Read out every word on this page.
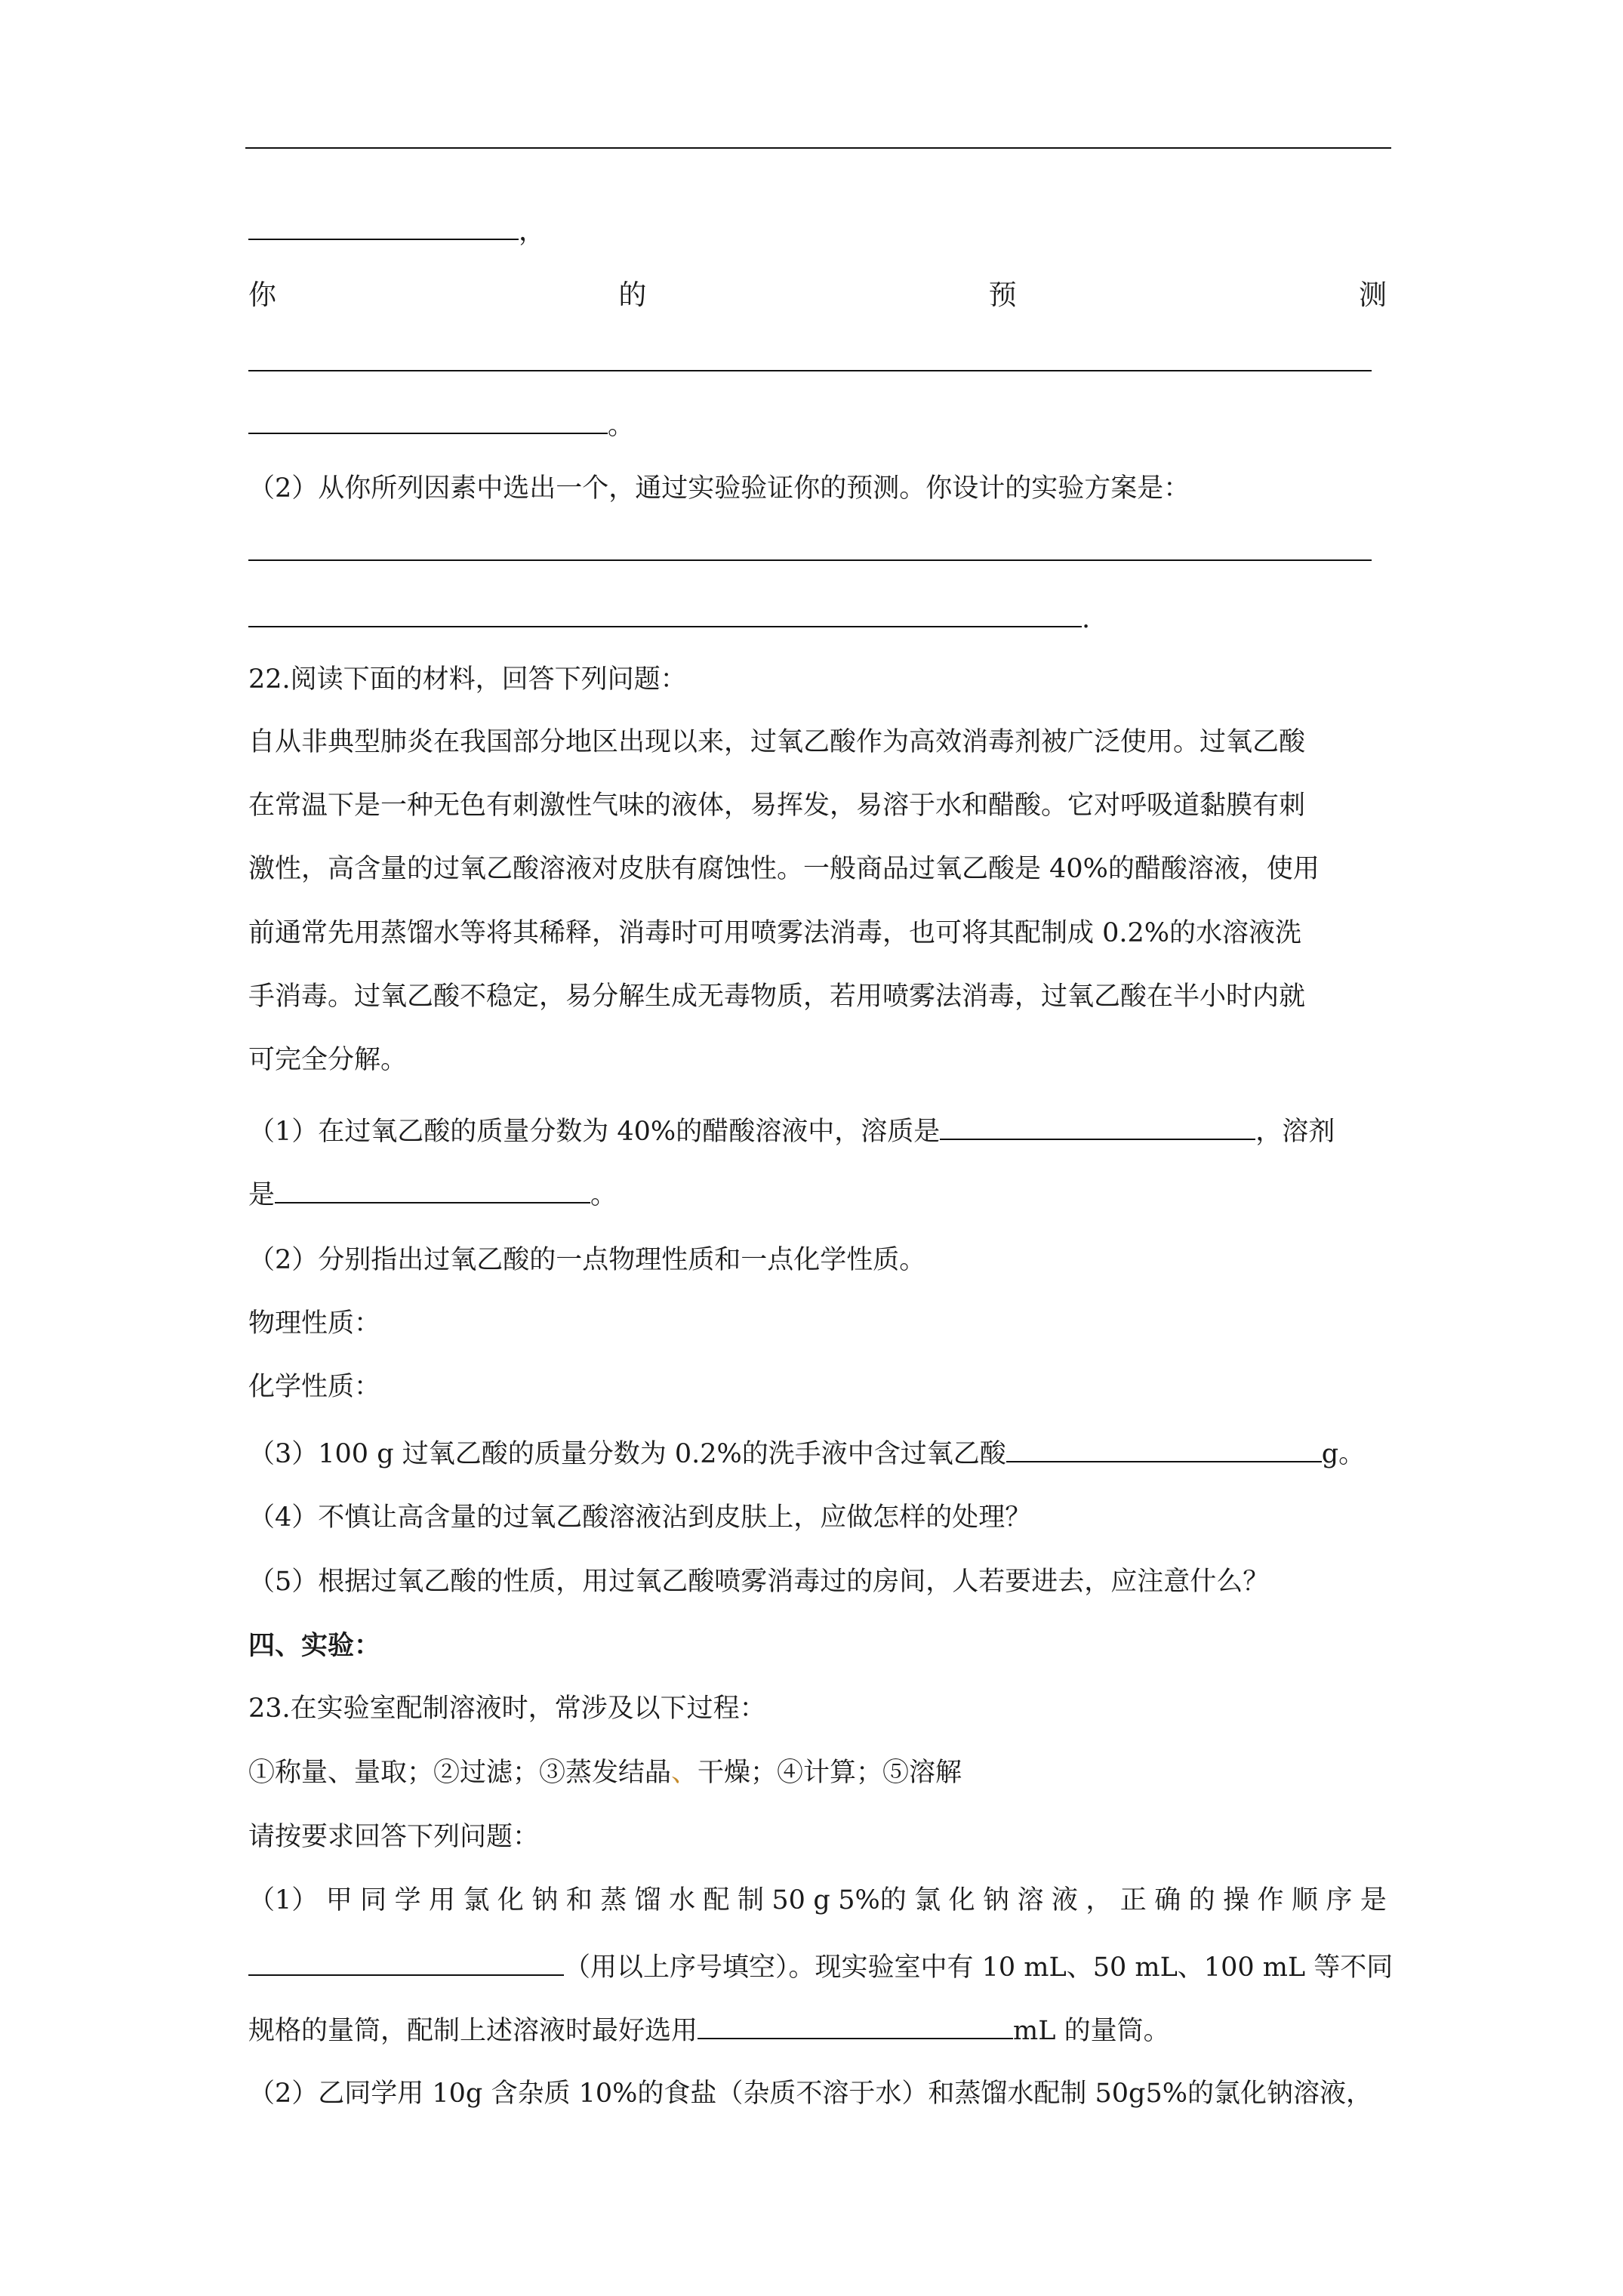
，
你	的	预	测
。
（2）从你所列因素中选出一个，通过实验验证你的预测。你设计的实验方案是：
.
22.阅读下面的材料，回答下列问题：
自从非典型肺炎在我国部分地区出现以来，过氧乙酸作为高效消毒剂被广泛使用。过氧乙酸
在常温下是一种无色有刺激性气味的液体，易挥发，易溶于水和醋酸。它对呼吸道黏膜有刺
激性，高含量的过氧乙酸溶液对皮肤有腐蚀性。一般商品过氧乙酸是 40%的醋酸溶液，使用
前通常先用蒸馏水等将其稀释，消毒时可用喷雾法消毒，也可将其配制成 0.2%的水溶液洗
手消毒。过氧乙酸不稳定，易分解生成无毒物质，若用喷雾法消毒，过氧乙酸在半小时内就
可完全分解。
（1）在过氧乙酸的质量分数为 40%的醋酸溶液中，溶质是	，溶剂
是	。
（2）分别指出过氧乙酸的一点物理性质和一点化学性质。
物理性质：
化学性质：
（3）100 g 过氧乙酸的质量分数为 0.2%的洗手液中含过氧乙酸	g。
（4）不慎让高含量的过氧乙酸溶液沾到皮肤上，应做怎样的处理？
（5）根据过氧乙酸的性质，用过氧乙酸喷雾消毒过的房间，人若要进去，应注意什么？
四、实验：
23.在实验室配制溶液时，常涉及以下过程：
①称量、量取；②过滤；③蒸发结晶、干燥；④计算；⑤溶解
请按要求回答下列问题：
（1） 甲 同 学 用 氯 化 钠 和 蒸 馏 水 配 制 50 g 5%的 氯 化 钠 溶 液 ， 正 确 的 操 作 顺 序 是
（用以上序号填空）。现实验室中有 10 mL、50 mL、100 mL 等不同
规格的量筒，配制上述溶液时最好选用	mL 的量筒。
（2）乙同学用 10g 含杂质 10%的食盐（杂质不溶于水）和蒸馏水配制 50g5%的氯化钠溶液，
